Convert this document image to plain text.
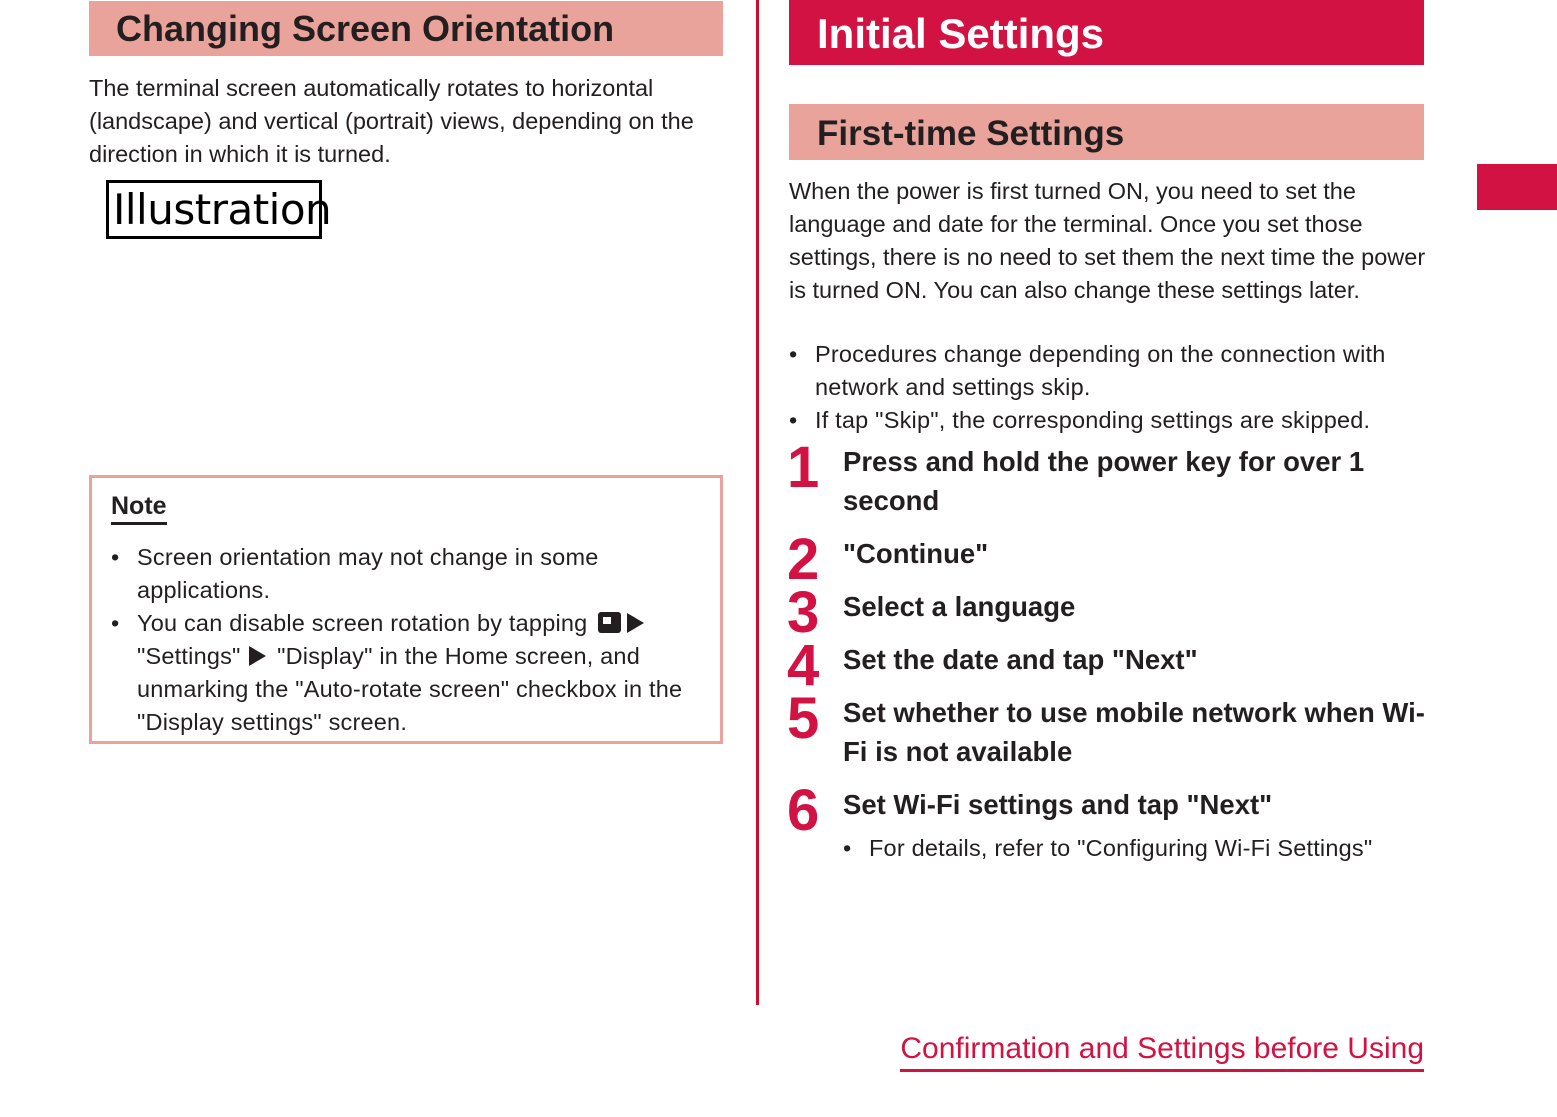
Changing Screen Orientation

The terminal screen automatically rotates to horizontal (landscape) and vertical (portrait) views, depending on the direction in which it is turned.

Illustration
Note
• Screen orientation may not change in some applications.
• You can disable screen rotation by tapping  "Settings" "Display" in the Home screen, and unmarking the "Auto-rotate screen" checkbox in the "Display settings" screen.
Initial Settings
First-time Settings

When the power is first turned ON, you need to set the language and date for the terminal. Once you set those settings, there is no need to set them the next time the power is turned ON. You can also change these settings later.

• Procedures change depending on the connection with network and settings skip.
• If tap "Skip", the corresponding settings are skipped.
1 Press and hold the power key for over 1 second
2 "Continue"
3 Select a language
4 Set the date and tap "Next"
5 Set whether to use mobile network when Wi-Fi is not available
6 Set Wi-Fi settings and tap "Next"
• For details, refer to "Configuring Wi-Fi Settings"
Confirmation and Settings before Using
